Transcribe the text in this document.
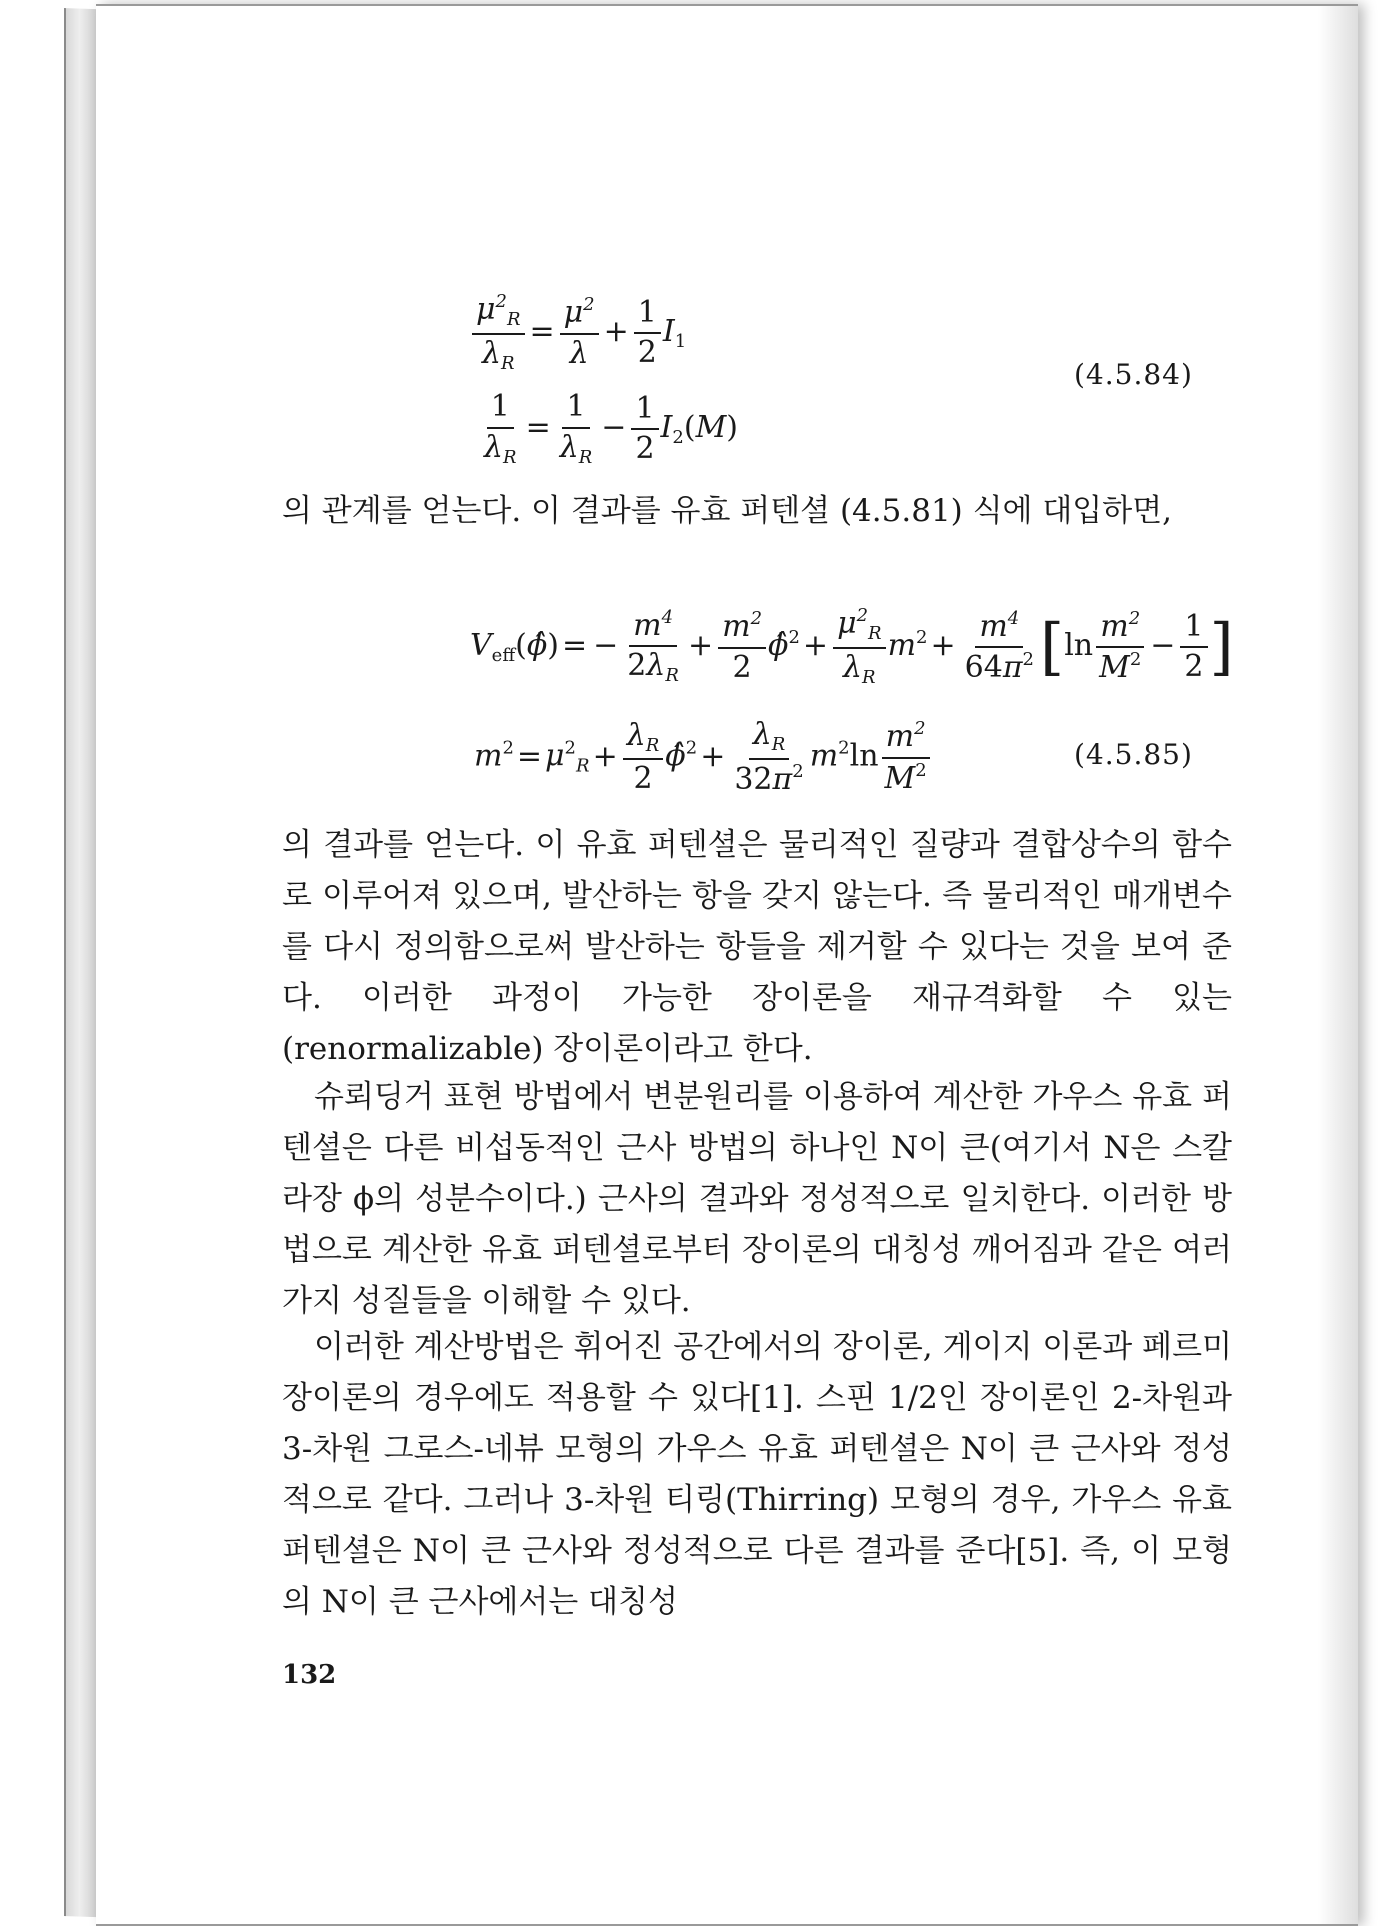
$\frac{\mu^2_R}{\lambda_R} = \frac{\mu^2}{\lambda} + \frac{1}{2} I_1$
$\frac{1}{\lambda_R} = \frac{1}{\lambda_R} - \frac{1}{2} I_2(M)$
(4.5.84)
의 관계를 얻는다. 이 결과를 유효 퍼텐셜 (4.5.81) 식에 대입하면,
$V_{eff}(\phî)$ = − $\frac{m^4}{2\lambda_R} + \frac{m^2}{2}$ ϕ̂$^2$ + $\frac{\mu^2_R}{\lambda_R} m^2 + \frac{m^4}{64\pi^2} [\ln \frac{m^2}{M^2} - \frac{1}{2}$ ]
$m^2 = \mu^2_R + \frac{\lambda_R}{2}$ ϕ̂$^2$ + $\frac{\lambda_R}{32\pi^2} m^2\ln \frac{m^2}{M^2}$	(4.5.85)
의 결과를 얻는다. 이 유효 퍼텐셜은 물리적인 질량과 결합상수의 함수로 이루어져 있으며, 발산하는 항을 갖지 않는다. 즉 물리적인 매개변수를 다시 정의함으로써 발산하는 항들을 제거할 수 있다는 것을 보여 준다. 이러한 과정이 가능한 장이론을 재규격화할 수 있는(renormalizable) 장이론이라고 한다.
슈뢰딩거 표현 방법에서 변분원리를 이용하여 계산한 가우스 유효 퍼텐셜은 다른 비섭동적인 근사 방법의 하나인 N이 큰(여기서 N은 스칼라장 ϕ의 성분수이다.) 근사의 결과와 정성적으로 일치한다. 이러한 방법으로 계산한 유효 퍼텐셜로부터 장이론의 대칭성 깨어짐과 같은 여러 가지 성질들을 이해할 수 있다.
이러한 계산방법은 휘어진 공간에서의 장이론, 게이지 이론과 페르미 장이론의 경우에도 적용할 수 있다[1]. 스핀 1/2인 장이론인 2-차원과 3-차원 그로스-네뷰 모형의 가우스 유효 퍼텐셜은 N이 큰 근사와 정성적으로 같다. 그러나 3-차원 티링(Thirring) 모형의 경우, 가우스 유효 퍼텐셜은 N이 큰 근사와 정성적으로 다른 결과를 준다[5]. 즉, 이 모형의 N이 큰 근사에서는 대칭성
132
